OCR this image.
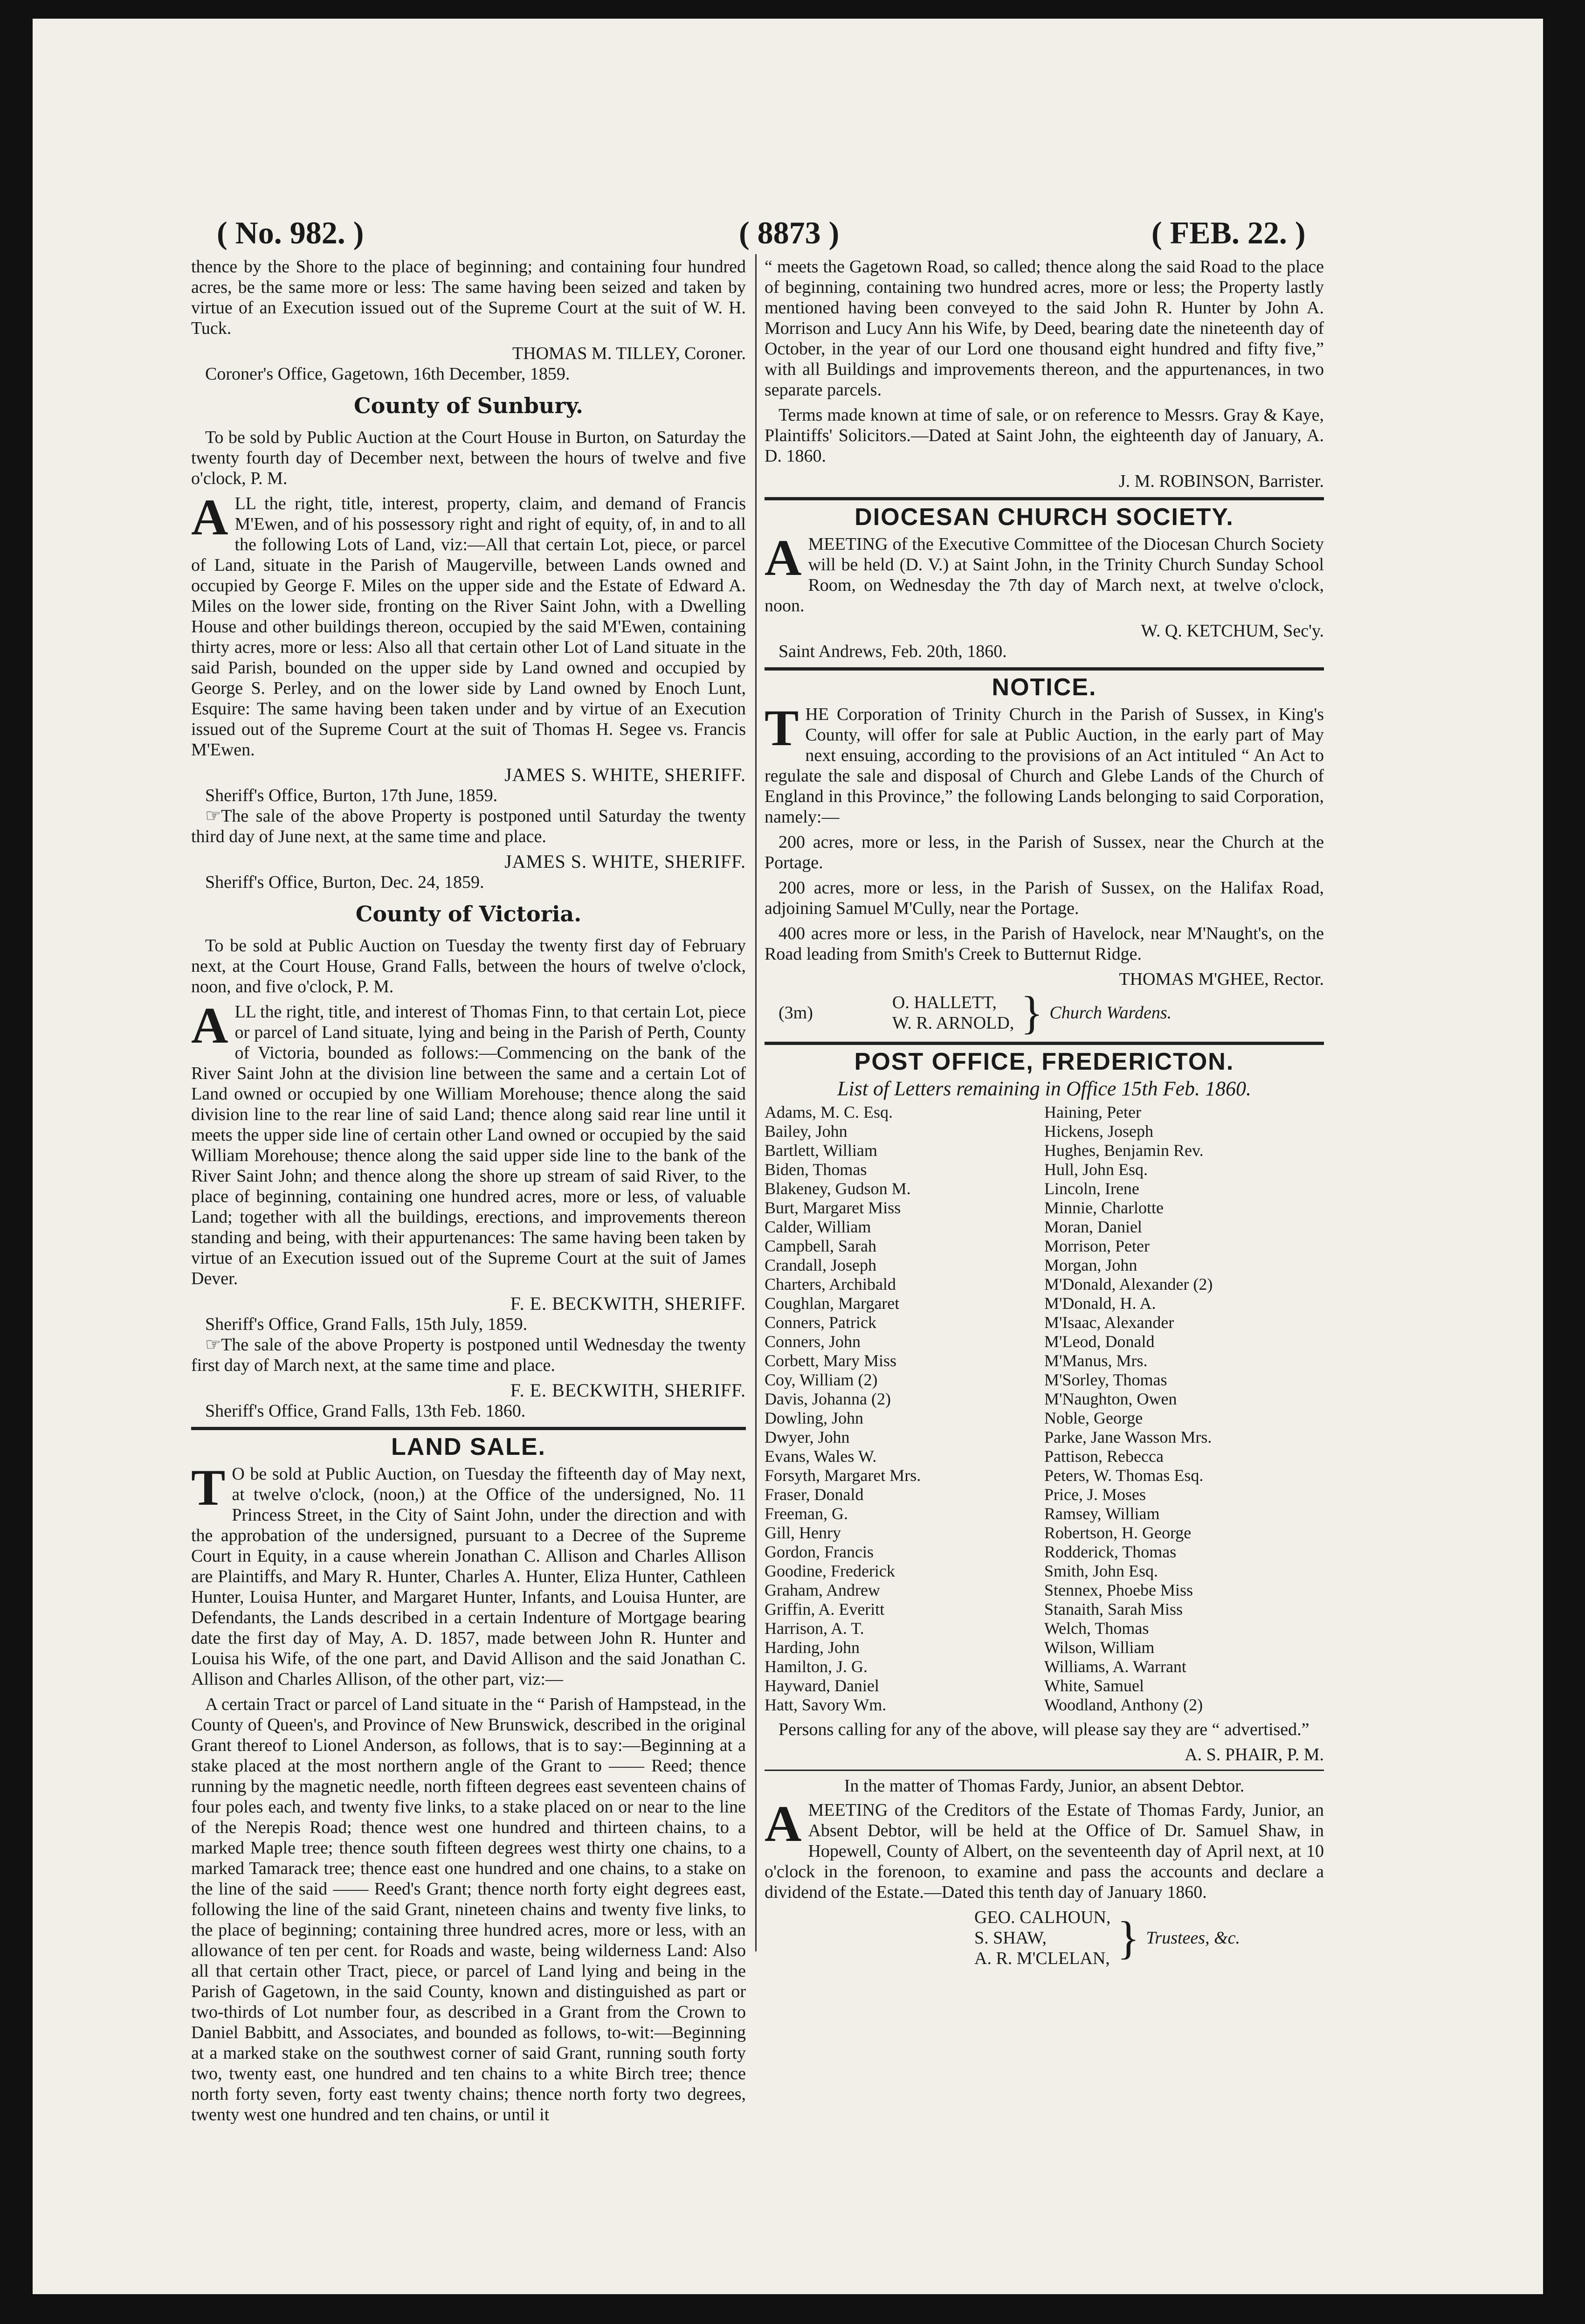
( No. 982. )	( 8873 )	( FEB. 22. )

thence by the Shore to the place of beginning; and containing four hundred acres, be the same more or less: The same having been seized and taken by virtue of an Execution issued out of the Supreme Court at the suit of W. H. Tuck.

THOMAS M. TILLEY, Coroner.
Coroner's Office, Gagetown, 16th December, 1859.
County of Sunbury.

To be sold by Public Auction at the Court House in Burton, on Saturday the twenty fourth day of December next, between the hours of twelve and five o'clock, P. M.

ALL the right, title, interest, property, claim, and demand of Francis M'Ewen, and of his possessory right and right of equity, of, in and to all the following Lots of Land, viz:—All that certain Lot, piece, or parcel of Land, situate in the Parish of Maugerville, between Lands owned and occupied by George F. Miles on the upper side and the Estate of Edward A. Miles on the lower side, fronting on the River Saint John, with a Dwelling House and other buildings thereon, occupied by the said M'Ewen, containing thirty acres, more or less: Also all that certain other Lot of Land situate in the said Parish, bounded on the upper side by Land owned and occupied by George S. Perley, and on the lower side by Land owned by Enoch Lunt, Esquire: The same having been taken under and by virtue of an Execution issued out of the Supreme Court at the suit of Thomas H. Segee vs. Francis M'Ewen.

JAMES S. WHITE, SHERIFF.
Sheriff's Office, Burton, 17th June, 1859.

☞The sale of the above Property is postponed until Saturday the twenty third day of June next, at the same time and place.

JAMES S. WHITE, SHERIFF.
Sheriff's Office, Burton, Dec. 24, 1859.
County of Victoria.

To be sold at Public Auction on Tuesday the twenty first day of February next, at the Court House, Grand Falls, between the hours of twelve o'clock, noon, and five o'clock, P. M.

ALL the right, title, and interest of Thomas Finn, to that certain Lot, piece or parcel of Land situate, lying and being in the Parish of Perth, County of Victoria, bounded as follows:—Commencing on the bank of the River Saint John at the division line between the same and a certain Lot of Land owned or occupied by one William Morehouse; thence along the said division line to the rear line of said Land; thence along said rear line until it meets the upper side line of certain other Land owned or occupied by the said William Morehouse; thence along the said upper side line to the bank of the River Saint John; and thence along the shore up stream of said River, to the place of beginning, containing one hundred acres, more or less, of valuable Land; together with all the buildings, erections, and improvements thereon standing and being, with their appurtenances: The same having been taken by virtue of an Execution issued out of the Supreme Court at the suit of James Dever.

F. E. BECKWITH, SHERIFF.
Sheriff's Office, Grand Falls, 15th July, 1859.

☞The sale of the above Property is postponed until Wednesday the twenty first day of March next, at the same time and place.

F. E. BECKWITH, SHERIFF.
Sheriff's Office, Grand Falls, 13th Feb. 1860.
LAND SALE.

T O be sold at Public Auction, on Tuesday the fifteenth day of May next, at twelve o'clock, (noon,) at the Office of the undersigned, No. 11 Princess Street, in the City of Saint John, under the direction and with the approbation of the undersigned, pursuant to a Decree of the Supreme Court in Equity, in a cause wherein Jonathan C. Allison and Charles Allison are Plaintiffs, and Mary R. Hunter, Charles A. Hunter, Eliza Hunter, Cathleen Hunter, Louisa Hunter, and Margaret Hunter, Infants, and Louisa Hunter, are Defendants, the Lands described in a certain Indenture of Mortgage bearing date the first day of May, A. D. 1857, made between John R. Hunter and Louisa his Wife, of the one part, and David Allison and the said Jonathan C. Allison and Charles Allison, of the other part, viz:—

A certain Tract or parcel of Land situate in the “ Parish of Hampstead, in the County of Queen's, and Province of New Brunswick, described in the original Grant thereof to Lionel Anderson, as follows, that is to say:—Beginning at a stake placed at the most northern angle of the Grant to —— Reed; thence running by the magnetic needle, north fifteen degrees east seventeen chains of four poles each, and twenty five links, to a stake placed on or near to the line of the Nerepis Road; thence west one hundred and thirteen chains, to a marked Maple tree; thence south fifteen degrees west thirty one chains, to a marked Tamarack tree; thence east one hundred and one chains, to a stake on the line of the said —— Reed's Grant; thence north forty eight degrees east, following the line of the said Grant, nineteen chains and twenty five links, to the place of beginning; containing three hundred acres, more or less, with an allowance of ten per cent. for Roads and waste, being wilderness Land: Also all that certain other Tract, piece, or parcel of Land lying and being in the Parish of Gagetown, in the said County, known and distinguished as part or two-thirds of Lot number four, as described in a Grant from the Crown to Daniel Babbitt, and Associates, and bounded as follows, to-wit:—Beginning at a marked stake on the southwest corner of said Grant, running south forty two, twenty east, one hundred and ten chains to a white Birch tree; thence north forty seven, forty east twenty chains; thence north forty two degrees, twenty west one hundred and ten chains, or until it

“ meets the Gagetown Road, so called; thence along the said Road to the place of beginning, containing two hundred acres, more or less; the Property lastly mentioned having been conveyed to the said John R. Hunter by John A. Morrison and Lucy Ann his Wife, by Deed, bearing date the nineteenth day of October, in the year of our Lord one thousand eight hundred and fifty five,” with all Buildings and improvements thereon, and the appurtenances, in two separate parcels.

Terms made known at time of sale, or on reference to Messrs. Gray & Kaye, Plaintiffs' Solicitors.—Dated at Saint John, the eighteenth day of January, A. D. 1860.

J. M. ROBINSON, Barrister.
DIOCESAN CHURCH SOCIETY.

AMEETING of the Executive Committee of the Diocesan Church Society will be held (D. V.) at Saint John, in the Trinity Church Sunday School Room, on Wednesday the 7th day of March next, at twelve o'clock, noon.

W. Q. KETCHUM, Sec'y.
Saint Andrews, Feb. 20th, 1860.
NOTICE.

THE Corporation of Trinity Church in the Parish of Sussex, in King's County, will offer for sale at Public Auction, in the early part of May next ensuing, according to the provisions of an Act intituled “ An Act to regulate the sale and disposal of Church and Glebe Lands of the Church of England in this Province,” the following Lands belonging to said Corporation, namely:—

200 acres, more or less, in the Parish of Sussex, near the Church at the Portage.

200 acres, more or less, in the Parish of Sussex, on the Halifax Road, adjoining Samuel M'Cully, near the Portage.

400 acres more or less, in the Parish of Havelock, near M'Naught's, on the Road leading from Smith's Creek to Butternut Ridge.

THOMAS M'GHEE, Rector.
(3m)
O. HALLETT,
W. R. ARNOLD, } Church Wardens.
POST OFFICE, FREDERICTON.
List of Letters remaining in Office 15th Feb. 1860.
Adams, M. C. Esq.
Bailey, John
Bartlett, William
Biden, Thomas
Blakeney, Gudson M.
Burt, Margaret Miss
Calder, William
Campbell, Sarah
Crandall, Joseph
Charters, Archibald
Coughlan, Margaret
Conners, Patrick
Conners, John
Corbett, Mary Miss
Coy, William (2)
Davis, Johanna (2)
Dowling, John
Dwyer, John
Evans, Wales W.
Forsyth, Margaret Mrs.
Fraser, Donald
Freeman, G.
Gill, Henry
Gordon, Francis
Goodine, Frederick
Graham, Andrew
Griffin, A. Everitt
Harrison, A. T.
Harding, John
Hamilton, J. G.
Hayward, Daniel
Hatt, Savory Wm.
Haining, Peter
Hickens, Joseph
Hughes, Benjamin Rev.
Hull, John Esq.
Lincoln, Irene
Minnie, Charlotte
Moran, Daniel
Morrison, Peter
Morgan, John
M'Donald, Alexander (2)
M'Donald, H. A.
M'Isaac, Alexander
M'Leod, Donald
M'Manus, Mrs.
M'Sorley, Thomas
M'Naughton, Owen
Noble, George
Parke, Jane Wasson Mrs.
Pattison, Rebecca
Peters, W. Thomas Esq.
Price, J. Moses
Ramsey, William
Robertson, H. George
Rodderick, Thomas
Smith, John Esq.
Stennex, Phoebe Miss
Stanaith, Sarah Miss
Welch, Thomas
Wilson, William
Williams, A. Warrant
White, Samuel
Woodland, Anthony (2)

Persons calling for any of the above, will please say they are “ advertised.”

A. S. PHAIR, P. M.
In the matter of Thomas Fardy, Junior, an absent Debtor.

AMEETING of the Creditors of the Estate of Thomas Fardy, Junior, an Absent Debtor, will be held at the Office of Dr. Samuel Shaw, in Hopewell, County of Albert, on the seventeenth day of April next, at 10 o'clock in the forenoon, to examine and pass the accounts and declare a dividend of the Estate.—Dated this tenth day of January 1860.

GEO. CALHOUN,
S. SHAW,
A. R. M'CLELAN, } Trustees, &c.
